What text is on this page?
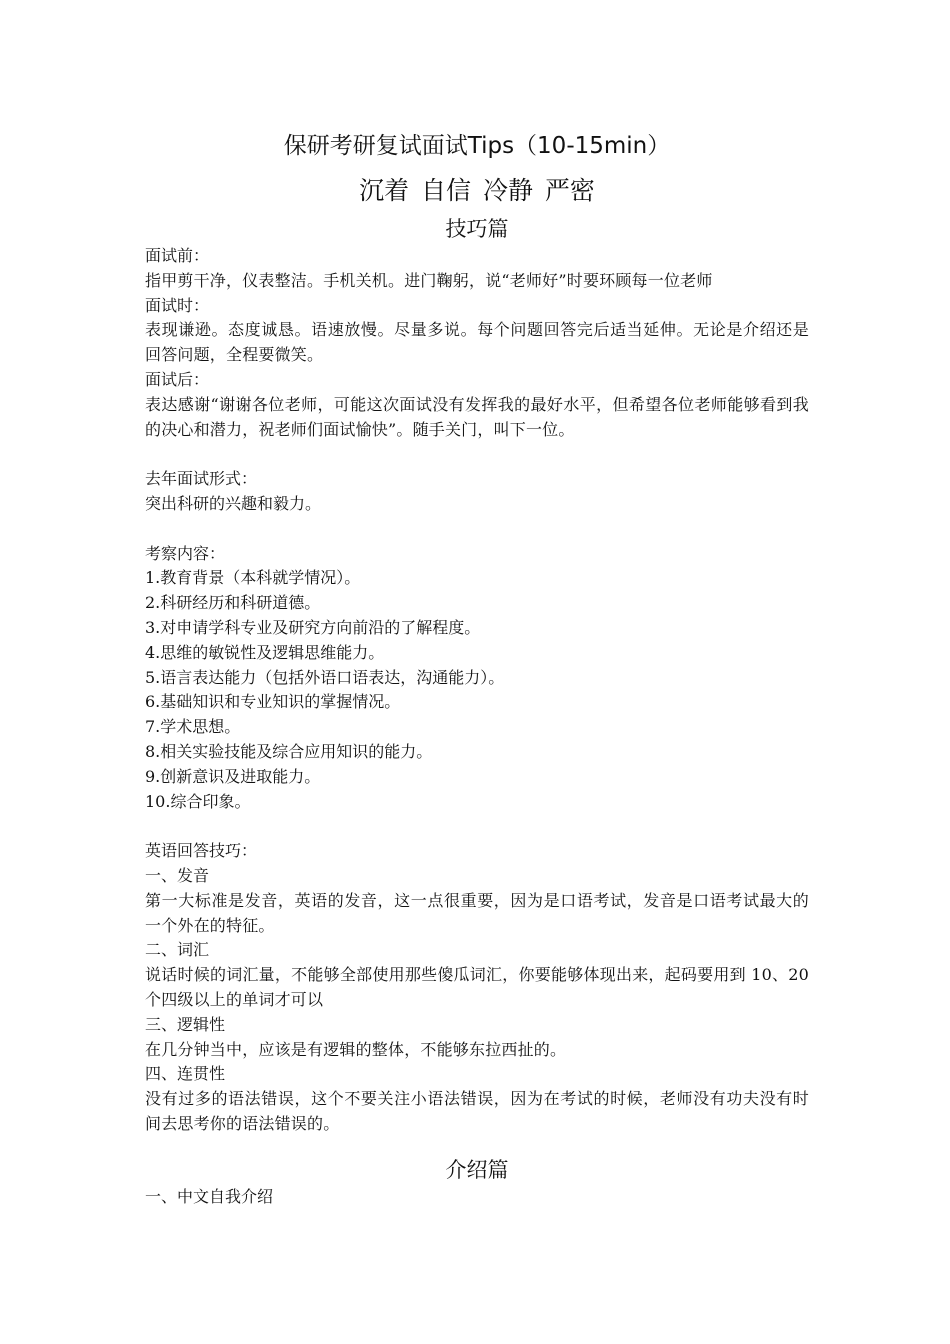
保研考研复试面试Tips（10-15min）
沉着 自信 冷静 严密
技巧篇

面试前：

指甲剪干净，仪表整洁。手机关机。进门鞠躬，说“老师好”时要环顾每一位老师

面试时：

表现谦逊。态度诚恳。语速放慢。尽量多说。每个问题回答完后适当延伸。无论是介绍还是回答问题，全程要微笑。

面试后：

表达感谢“谢谢各位老师，可能这次面试没有发挥我的最好水平，但希望各位老师能够看到我的决心和潜力，祝老师们面试愉快”。随手关门，叫下一位。

去年面试形式：

突出科研的兴趣和毅力。

考察内容：

1.教育背景（本科就学情况）。

2.科研经历和科研道德。

3.对申请学科专业及研究方向前沿的了解程度。

4.思维的敏锐性及逻辑思维能力。

5.语言表达能力（包括外语口语表达，沟通能力）。

6.基础知识和专业知识的掌握情况。

7.学术思想。

8.相关实验技能及综合应用知识的能力。

9.创新意识及进取能力。

10.综合印象。

英语回答技巧：

一、发音

第一大标准是发音，英语的发音，这一点很重要，因为是口语考试，发音是口语考试最大的一个外在的特征。

二、词汇

说话时候的词汇量，不能够全部使用那些傻瓜词汇，你要能够体现出来，起码要用到 10、20 个四级以上的单词才可以

三、逻辑性

在几分钟当中，应该是有逻辑的整体，不能够东拉西扯的。

四、连贯性

没有过多的语法错误，这个不要关注小语法错误，因为在考试的时候，老师没有功夫没有时间去思考你的语法错误的。

介绍篇

一、中文自我介绍
